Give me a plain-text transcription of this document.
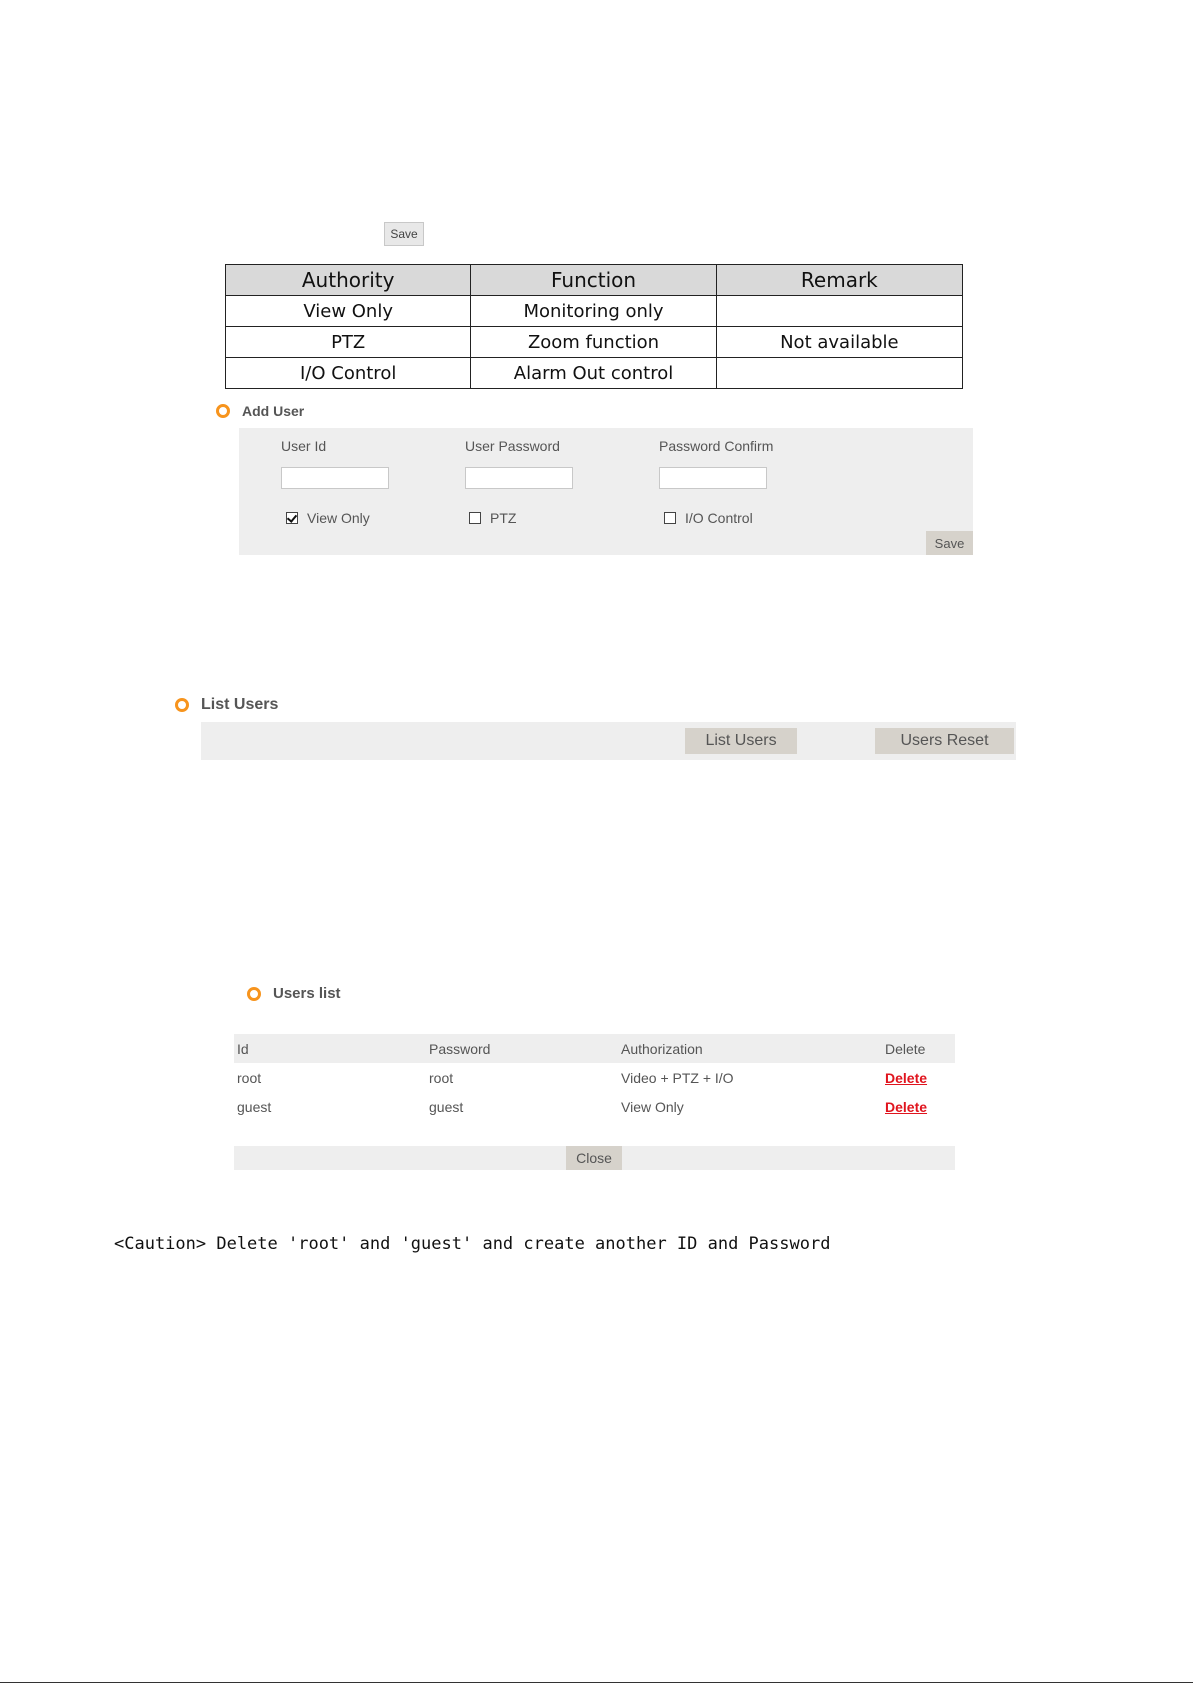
Save
Authority	Function	Remark
View Only	Monitoring only	
PTZ	Zoom function	Not available
I/O Control	Alarm Out control	
Add User
User Id	User Password	Password Confirm
View Only	PTZ	I/O Control
Save
List Users
List Users	Users Reset
Users list
Id	Password	Authorization	Delete
root	root	Video + PTZ + I/O	Delete
guest	guest	View Only	Delete
Close
<Caution> Delete 'root' and 'guest' and create another ID and Password
